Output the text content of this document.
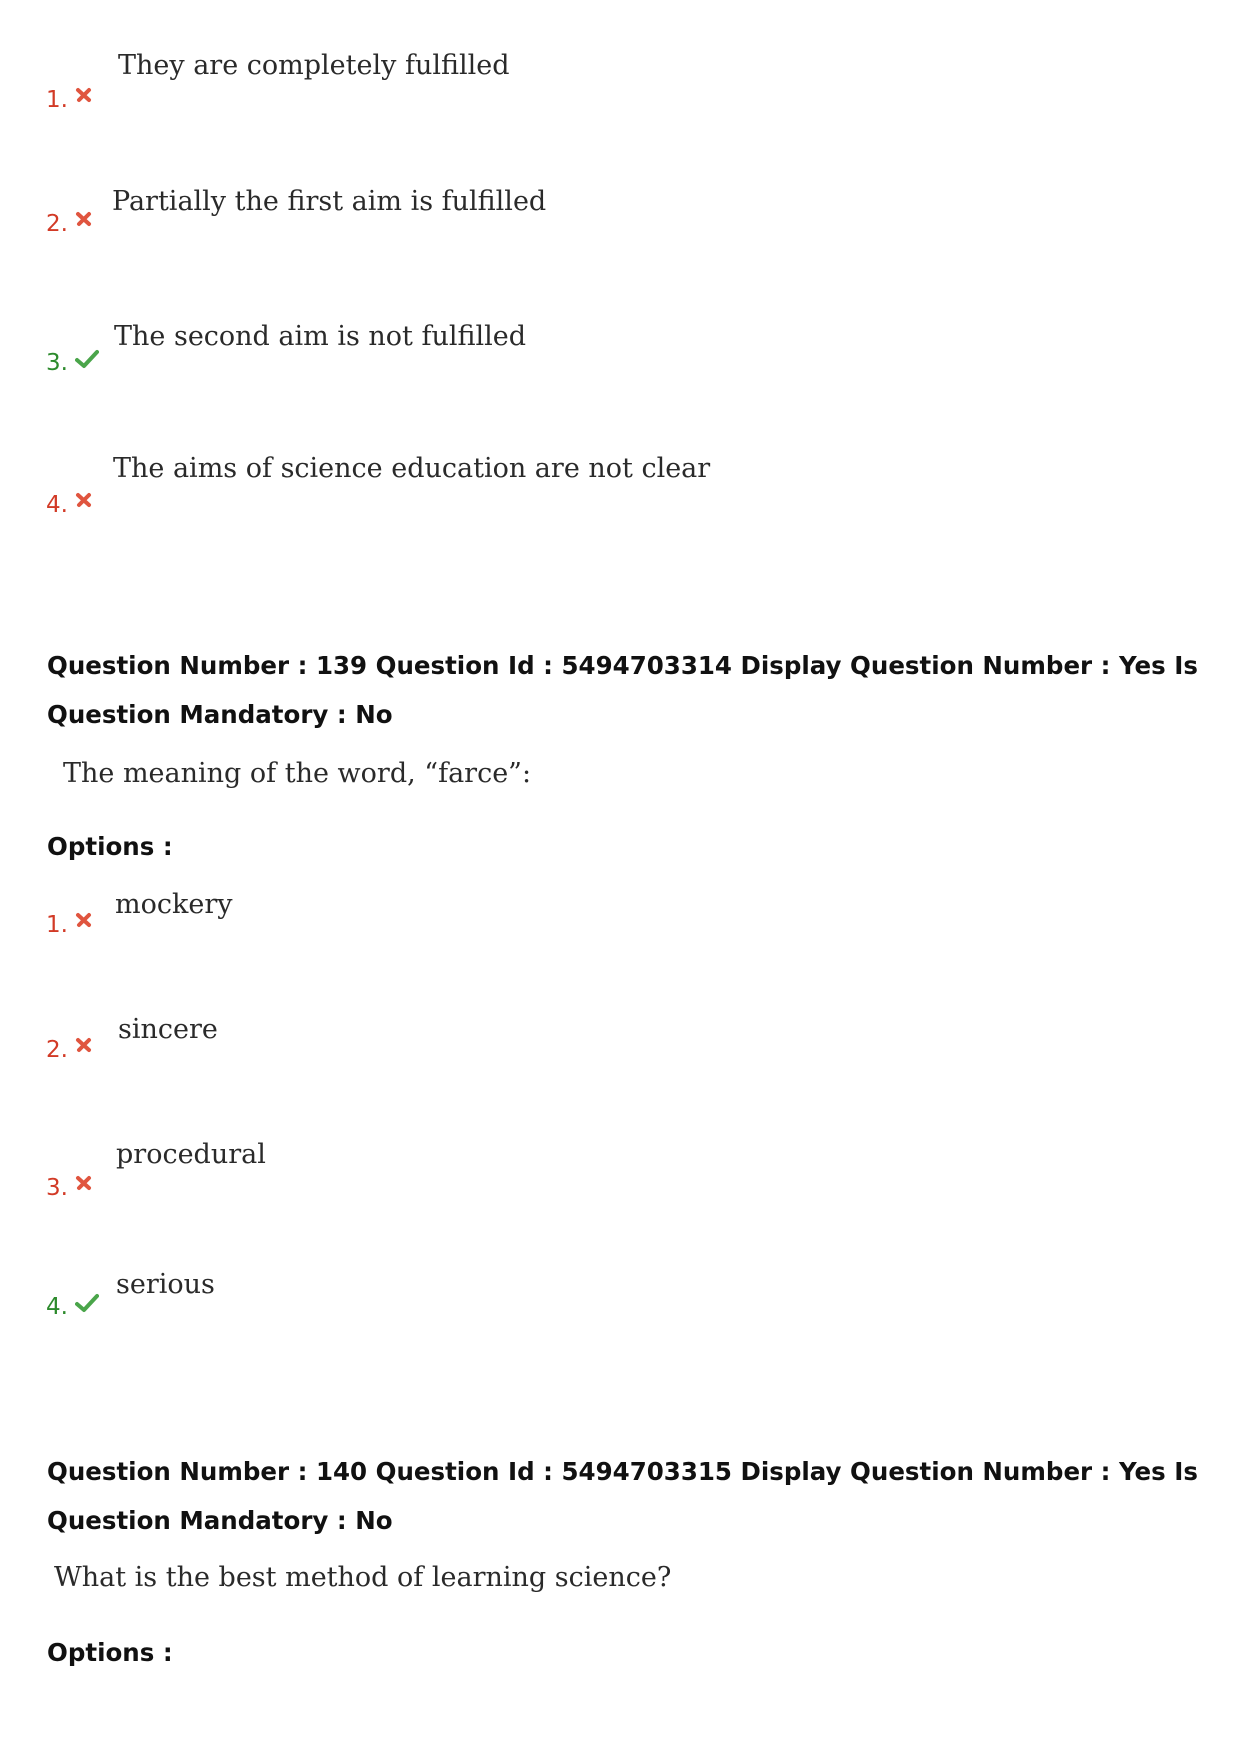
1.
They are completely fulfilled
2.
Partially the first aim is fulfilled
3.
The second aim is not fulfilled
4.
The aims of science education are not clear
Question Number : 139 Question Id : 5494703314 Display Question Number : Yes Is Question Mandatory : No
The meaning of the word, “farce”:
Options :
1.
mockery
2.
sincere
3.
procedural
4.
serious
Question Number : 140 Question Id : 5494703315 Display Question Number : Yes Is Question Mandatory : No
What is the best method of learning science?
Options :
